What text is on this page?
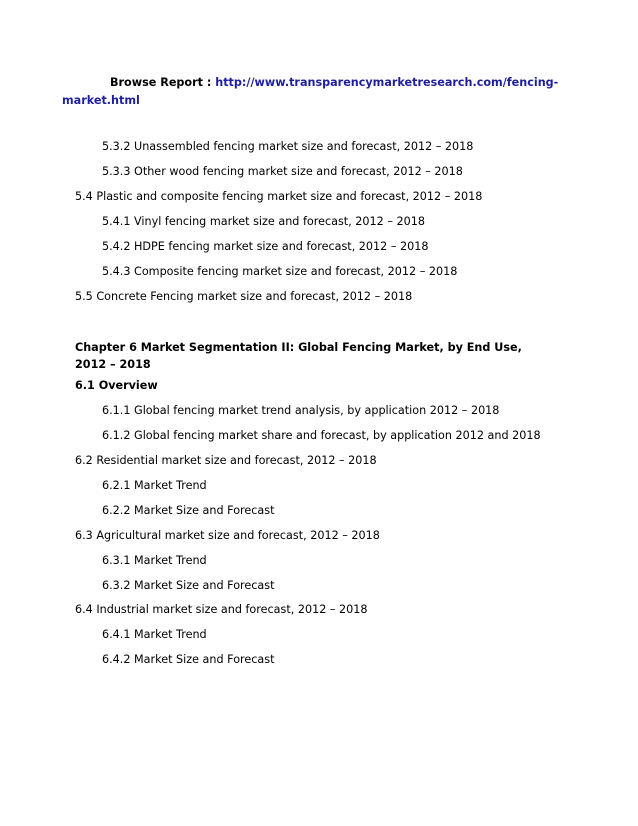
Browse Report : http://www.transparencymarketresearch.com/fencing-market.html
5.3.2 Unassembled fencing market size and forecast, 2012 – 2018
5.3.3 Other wood fencing market size and forecast, 2012 – 2018
5.4 Plastic and composite fencing market size and forecast, 2012 – 2018
5.4.1 Vinyl fencing market size and forecast, 2012 – 2018
5.4.2 HDPE fencing market size and forecast, 2012 – 2018
5.4.3 Composite fencing market size and forecast, 2012 – 2018
5.5 Concrete Fencing market size and forecast, 2012 – 2018
Chapter 6 Market Segmentation II: Global Fencing Market, by End Use, 2012 – 2018
6.1 Overview
6.1.1 Global fencing market trend analysis, by application 2012 – 2018
6.1.2 Global fencing market share and forecast, by application 2012 and 2018
6.2 Residential market size and forecast, 2012 – 2018
6.2.1 Market Trend
6.2.2 Market Size and Forecast
6.3 Agricultural market size and forecast, 2012 – 2018
6.3.1 Market Trend
6.3.2 Market Size and Forecast
6.4 Industrial market size and forecast, 2012 – 2018
6.4.1 Market Trend
6.4.2 Market Size and Forecast
